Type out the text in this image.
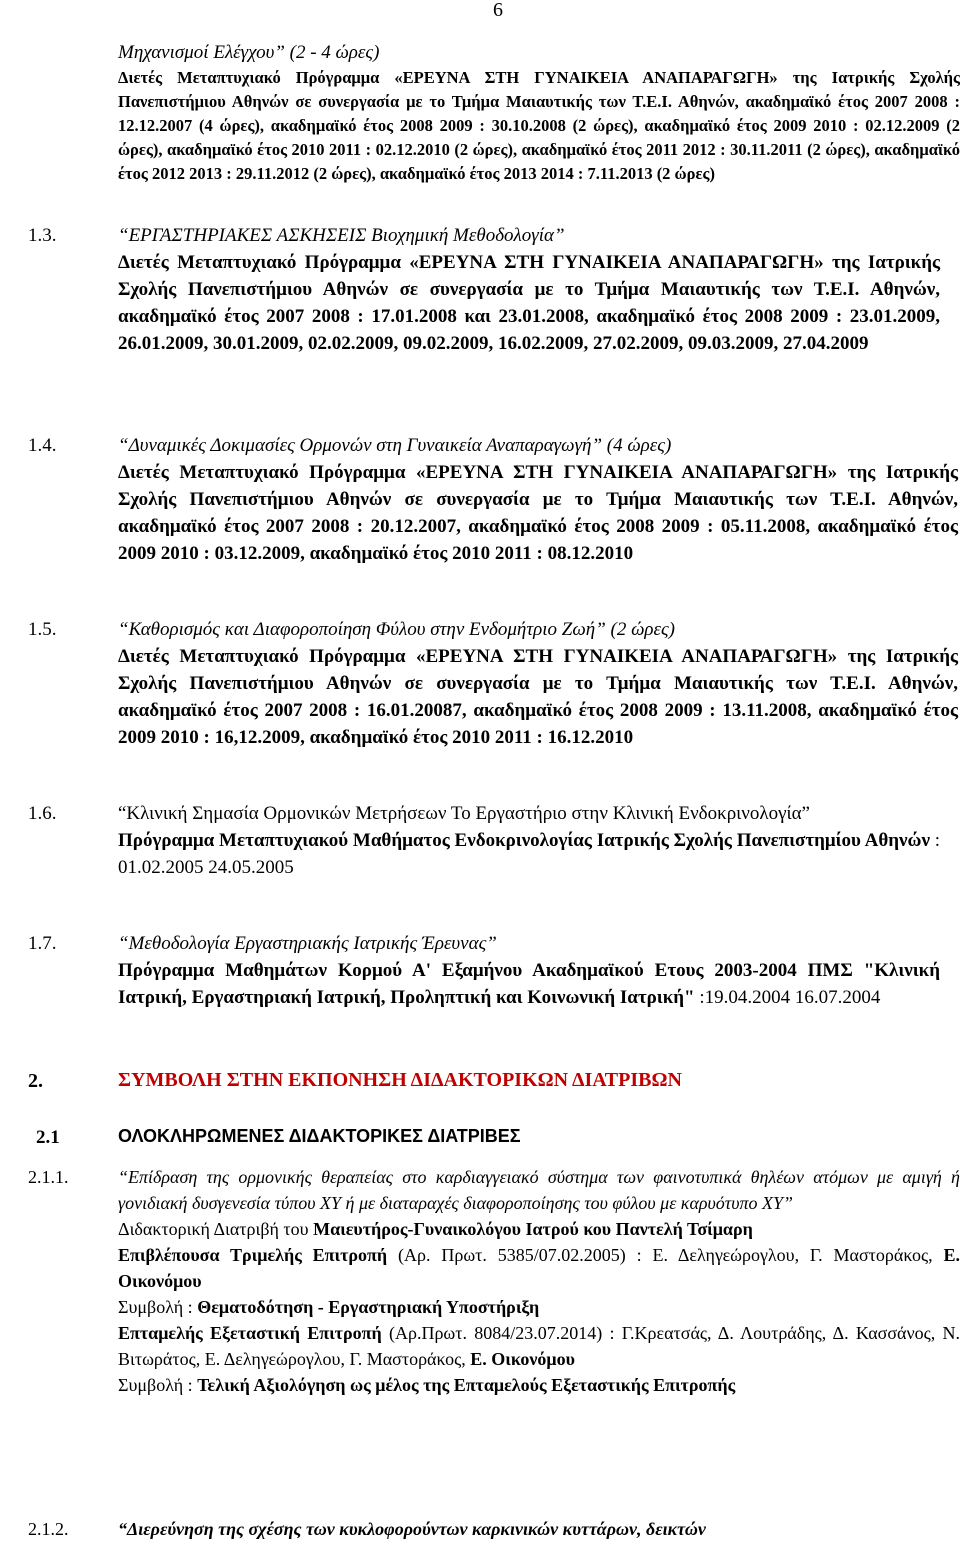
6
Μηχανισμοί Ελέγχου” (2 - 4 ώρες)
Διετές Μεταπτυχιακό Πρόγραμμα «ΕΡΕΥΝΑ ΣΤΗ ΓΥΝΑΙΚΕΙΑ ΑΝΑΠΑΡΑΓΩΓΗ» της Ιατρικής Σχολής Πανεπιστήμιου Αθηνών σε συνεργασία με το Τμήμα Μαιαυτικής των Τ.Ε.Ι. Αθηνών, ακαδημαϊκό έτος 2007 2008 : 12.12.2007 (4 ώρες), ακαδημαϊκό έτος 2008 2009 : 30.10.2008 (2 ώρες), ακαδημαϊκό έτος 2009 2010 : 02.12.2009 (2 ώρες), ακαδημαϊκό έτος 2010 2011 : 02.12.2010 (2 ώρες), ακαδημαϊκό έτος 2011 2012 : 30.11.2011 (2 ώρες), ακαδημαϊκό έτος 2012 2013 : 29.11.2012 (2 ώρες), ακαδημαϊκό έτος 2013 2014 : 7.11.2013 (2 ώρες)
1.3.	“ΕΡΓΑΣΤΗΡΙΑΚΕΣ ΑΣΚΗΣΕΙΣ Βιοχημική Μεθοδολογία”
Διετές Μεταπτυχιακό Πρόγραμμα «ΕΡΕΥΝΑ ΣΤΗ ΓΥΝΑΙΚΕΙΑ ΑΝΑΠΑΡΑΓΩΓΗ» της Ιατρικής Σχολής Πανεπιστήμιου Αθηνών σε συνεργασία με το Τμήμα Μαιαυτικής των Τ.Ε.Ι. Αθηνών, ακαδημαϊκό έτος 2007 2008 : 17.01.2008 και 23.01.2008, ακαδημαϊκό έτος 2008 2009 : 23.01.2009, 26.01.2009, 30.01.2009, 02.02.2009, 09.02.2009, 16.02.2009, 27.02.2009, 09.03.2009, 27.04.2009
1.4.	“Δυναμικές Δοκιμασίες Ορμονών στη Γυναικεία Αναπαραγωγή” (4 ώρες)
Διετές Μεταπτυχιακό Πρόγραμμα «ΕΡΕΥΝΑ ΣΤΗ ΓΥΝΑΙΚΕΙΑ ΑΝΑΠΑΡΑΓΩΓΗ» της Ιατρικής Σχολής Πανεπιστήμιου Αθηνών σε συνεργασία με το Τμήμα Μαιαυτικής των Τ.Ε.Ι. Αθηνών, ακαδημαϊκό έτος 2007 2008 : 20.12.2007, ακαδημαϊκό έτος 2008 2009 : 05.11.2008, ακαδημαϊκό έτος 2009 2010 : 03.12.2009, ακαδημαϊκό έτος 2010 2011 : 08.12.2010
1.5.	“Καθορισμός και Διαφοροποίηση Φύλου στην Ενδομήτριο Ζωή” (2 ώρες)
Διετές Μεταπτυχιακό Πρόγραμμα «ΕΡΕΥΝΑ ΣΤΗ ΓΥΝΑΙΚΕΙΑ ΑΝΑΠΑΡΑΓΩΓΗ» της Ιατρικής Σχολής Πανεπιστήμιου Αθηνών σε συνεργασία με το Τμήμα Μαιαυτικής των Τ.Ε.Ι. Αθηνών, ακαδημαϊκό έτος 2007 2008 : 16.01.20087, ακαδημαϊκό έτος 2008 2009 : 13.11.2008, ακαδημαϊκό έτος 2009 2010 : 16,12.2009, ακαδημαϊκό έτος 2010 2011 : 16.12.2010
1.6.	“Κλινική Σημασία Ορμονικών Μετρήσεων Το Εργαστήριο στην Κλινική Ενδοκρινολογία”
Πρόγραμμα Μεταπτυχιακού Μαθήματος Ενδοκρινολογίας Ιατρικής Σχολής Πανεπιστημίου Αθηνών : 01.02.2005 24.05.2005
1.7.	“Μεθοδολογία Εργαστηριακής Ιατρικής Έρευνας”
Πρόγραμμα Μαθημάτων Κορμού Α' Εξαμήνου Ακαδημαϊκού Ετους 2003-2004 ΠΜΣ "Κλινική Ιατρική, Εργαστηριακή Ιατρική, Προληπτική και Κοινωνική Ιατρική" :19.04.2004 16.07.2004
2.	ΣΥΜΒΟΛΗ ΣΤΗΝ ΕΚΠΟΝΗΣΗ ΔΙΔΑΚΤΟΡΙΚΩΝ ΔΙΑΤΡΙΒΩΝ
2.1	ΟΛΟΚΛΗΡΩΜΕΝΕΣ ΔΙΔΑΚΤΟΡΙΚΕΣ ΔΙΑΤΡΙΒΕΣ
2.1.1.	“Επίδραση της ορμονικής θεραπείας στο καρδιαγγειακό σύστημα των φαινοτυπικά θηλέων ατόμων με αμιγή ή γονιδιακή δυσγενεσία τύπου ΧΥ ή με διαταραχές διαφοροποίησης του φύλου με καρυότυπο ΧΥ”
Διδακτορική Διατριβή του Μαιευτήρος-Γυναικολόγου Ιατρού κου Παντελή Τσίμαρη
Επιβλέπουσα Τριμελής Επιτροπή (Αρ. Πρωτ. 5385/07.02.2005) : Ε. Δεληγεώρογλου, Γ. Μαστοράκος, Ε. Οικονόμου
Συμβολή : Θεματοδότηση - Εργαστηριακή Υποστήριξη
Επταμελής Εξεταστική Επιτροπή (Αρ.Πρωτ. 8084/23.07.2014) : Γ.Κρεατσάς, Δ. Λουτράδης, Δ. Κασσάνος, Ν. Βιτωράτος, Ε. Δεληγεώρογλου, Γ. Μαστοράκος, Ε. Οικονόμου
Συμβολή : Τελική Αξιολόγηση ως μέλος της Επταμελούς Εξεταστικής Επιτροπής
2.1.2.	“Διερεύνηση της σχέσης των κυκλοφορούντων καρκινικών κυττάρων, δεικτών
